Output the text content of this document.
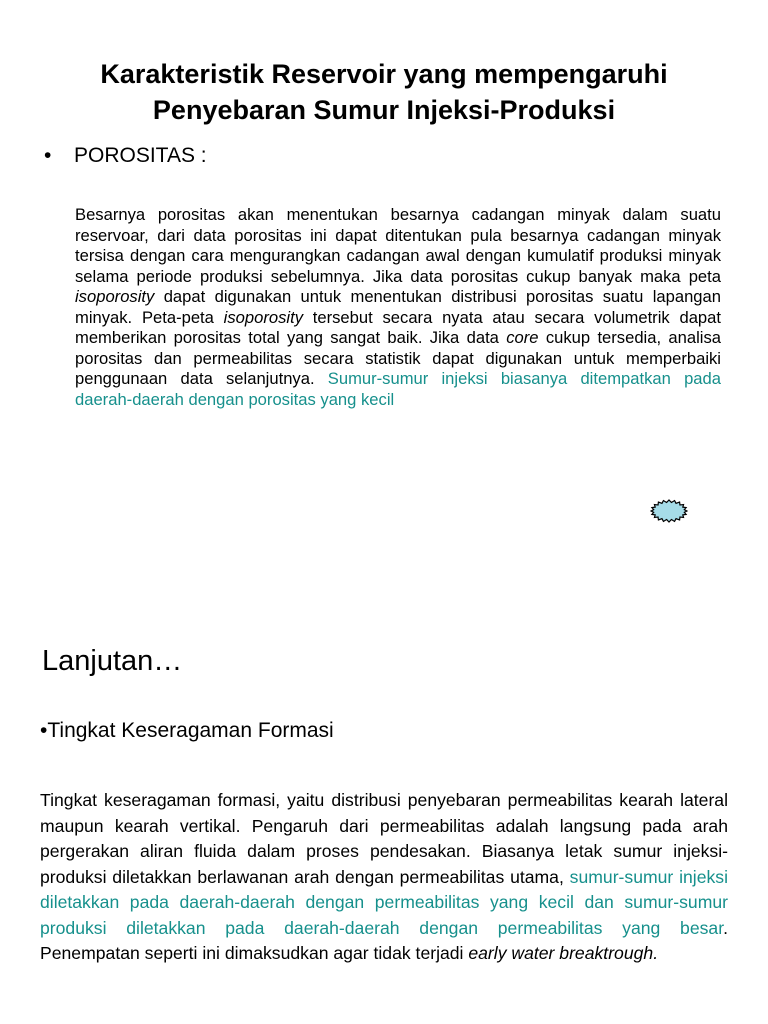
Karakteristik Reservoir yang mempengaruhi
Penyebaran Sumur Injeksi-Produksi
• POROSITAS :

Besarnya porositas akan menentukan besarnya cadangan minyak dalam suatu reservoar, dari data porositas ini dapat ditentukan pula besarnya cadangan minyak tersisa dengan cara mengurangkan cadangan awal dengan kumulatif produksi minyak selama periode produksi sebelumnya. Jika data porositas cukup banyak maka peta isoporosity dapat digunakan untuk menentukan distribusi porositas suatu lapangan minyak. Peta-peta isoporosity tersebut secara nyata atau secara volumetrik dapat memberikan porositas total yang sangat baik. Jika data core cukup tersedia, analisa porositas dan permeabilitas secara statistik dapat digunakan untuk memperbaiki penggunaan data selanjutnya. Sumur-sumur injeksi biasanya ditempatkan pada daerah-daerah dengan porositas yang kecil

Lanjutan…
•Tingkat Keseragaman Formasi

Tingkat keseragaman formasi, yaitu distribusi penyebaran permeabilitas kearah lateral maupun kearah vertikal. Pengaruh dari permeabilitas adalah langsung pada arah pergerakan aliran fluida dalam proses pendesakan. Biasanya letak sumur injeksi-produksi diletakkan berlawanan arah dengan permeabilitas utama, sumur-sumur injeksi diletakkan pada daerah-daerah dengan permeabilitas yang kecil dan sumur-sumur produksi diletakkan pada daerah-daerah dengan permeabilitas yang besar. Penempatan seperti ini dimaksudkan agar tidak terjadi early water breaktrough.
